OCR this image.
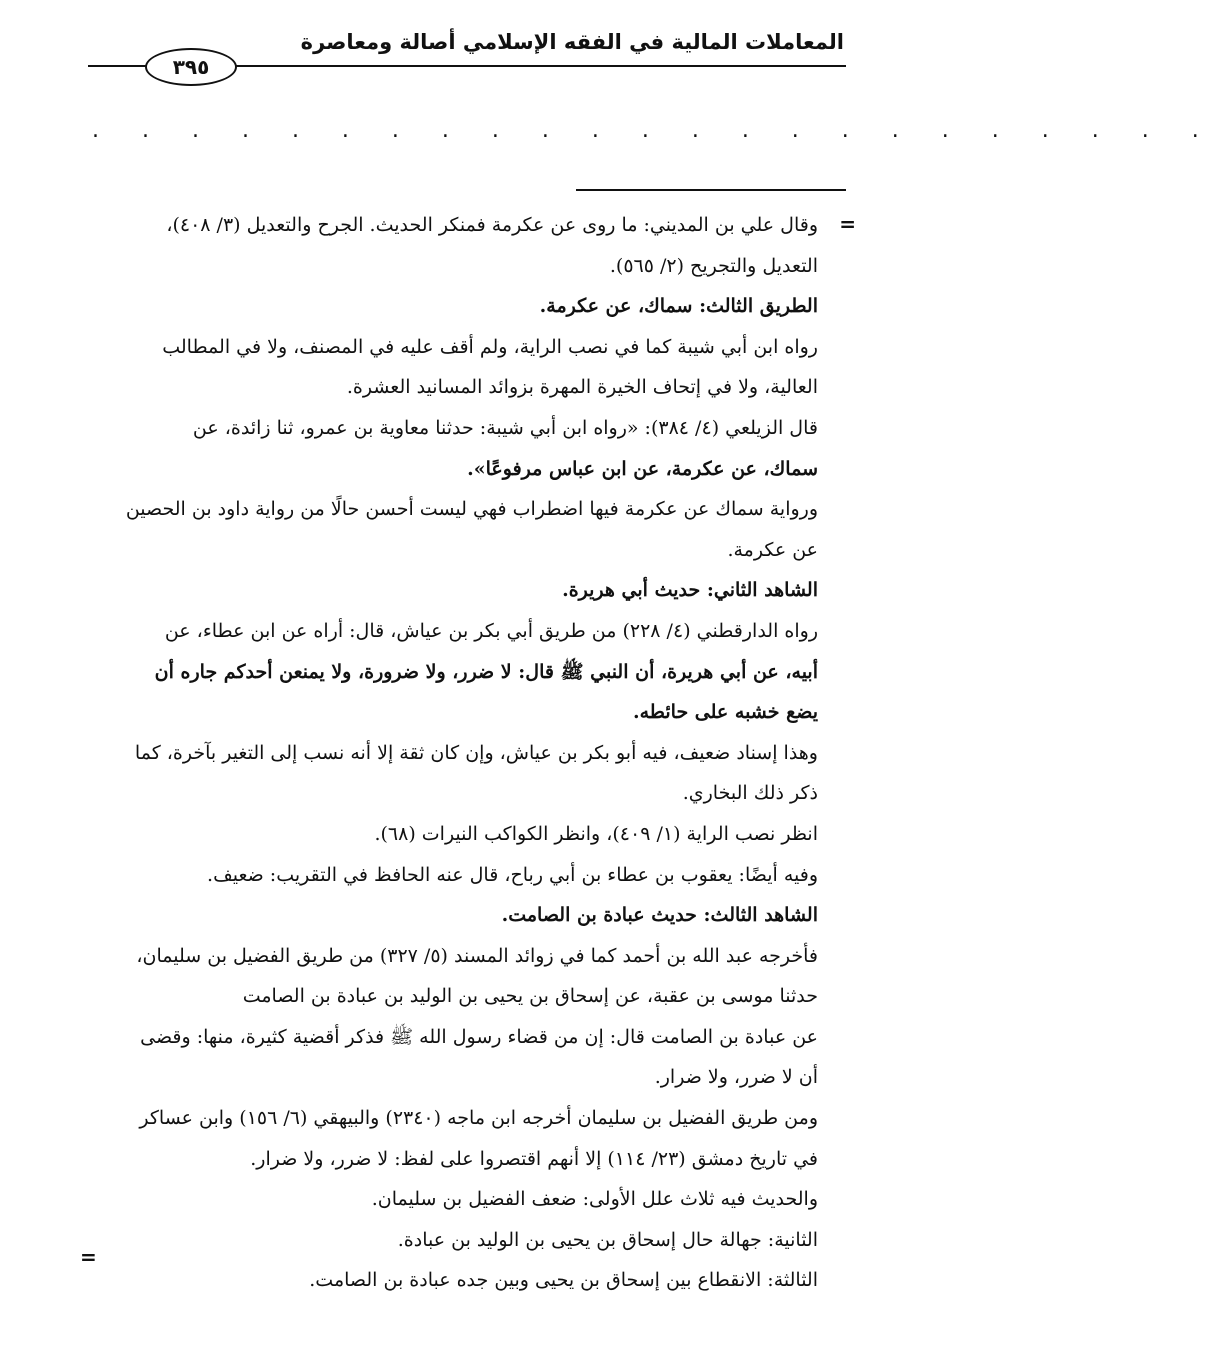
المعاملات المالية في الفقه الإسلامي أصالة ومعاصرة
٣٩٥
. . . . . . . . . . . . . . . . . . . . . . .
=
=
وقال علي بن المديني: ما روى عن عكرمة فمنكر الحديث. الجرح والتعديل (٣/ ٤٠٨)،
التعديل والتجريح (٢/ ٥٦٥).
الطريق الثالث: سماك، عن عكرمة.
رواه ابن أبي شيبة كما في نصب الراية، ولم أقف عليه في المصنف، ولا في المطالب
العالية، ولا في إتحاف الخيرة المهرة بزوائد المسانيد العشرة.
قال الزيلعي (٤/ ٣٨٤): «رواه ابن أبي شيبة: حدثنا معاوية بن عمرو، ثنا زائدة، عن
سماك، عن عكرمة، عن ابن عباس مرفوعًا».
ورواية سماك عن عكرمة فيها اضطراب فهي ليست أحسن حالًا من رواية داود بن الحصين
عن عكرمة.
الشاهد الثاني: حديث أبي هريرة.
رواه الدارقطني (٤/ ٢٢٨) من طريق أبي بكر بن عياش، قال: أراه عن ابن عطاء، عن
أبيه، عن أبي هريرة، أن النبي ﷺ قال: لا ضرر، ولا ضرورة، ولا يمنعن أحدكم جاره أن
يضع خشبه على حائطه.
وهذا إسناد ضعيف، فيه أبو بكر بن عياش، وإن كان ثقة إلا أنه نسب إلى التغير بآخرة، كما
ذكر ذلك البخاري.
انظر نصب الراية (١/ ٤٠٩)، وانظر الكواكب النيرات (٦٨).
وفيه أيضًا: يعقوب بن عطاء بن أبي رباح، قال عنه الحافظ في التقريب: ضعيف.
الشاهد الثالث: حديث عبادة بن الصامت.
فأخرجه عبد الله بن أحمد كما في زوائد المسند (٥/ ٣٢٧) من طريق الفضيل بن سليمان،
حدثنا موسى بن عقبة، عن إسحاق بن يحيى بن الوليد بن عبادة بن الصامت
عن عبادة بن الصامت قال: إن من قضاء رسول الله ﷺ فذكر أقضية كثيرة، منها: وقضى
أن لا ضرر، ولا ضرار.
ومن طريق الفضيل بن سليمان أخرجه ابن ماجه (٢٣٤٠) والبيهقي (٦/ ١٥٦) وابن عساكر
في تاريخ دمشق (٢٣/ ١١٤) إلا أنهم اقتصروا على لفظ: لا ضرر، ولا ضرار.
والحديث فيه ثلاث علل الأولى: ضعف الفضيل بن سليمان.
الثانية: جهالة حال إسحاق بن يحيى بن الوليد بن عبادة.
الثالثة: الانقطاع بين إسحاق بن يحيى وبين جده عبادة بن الصامت.
